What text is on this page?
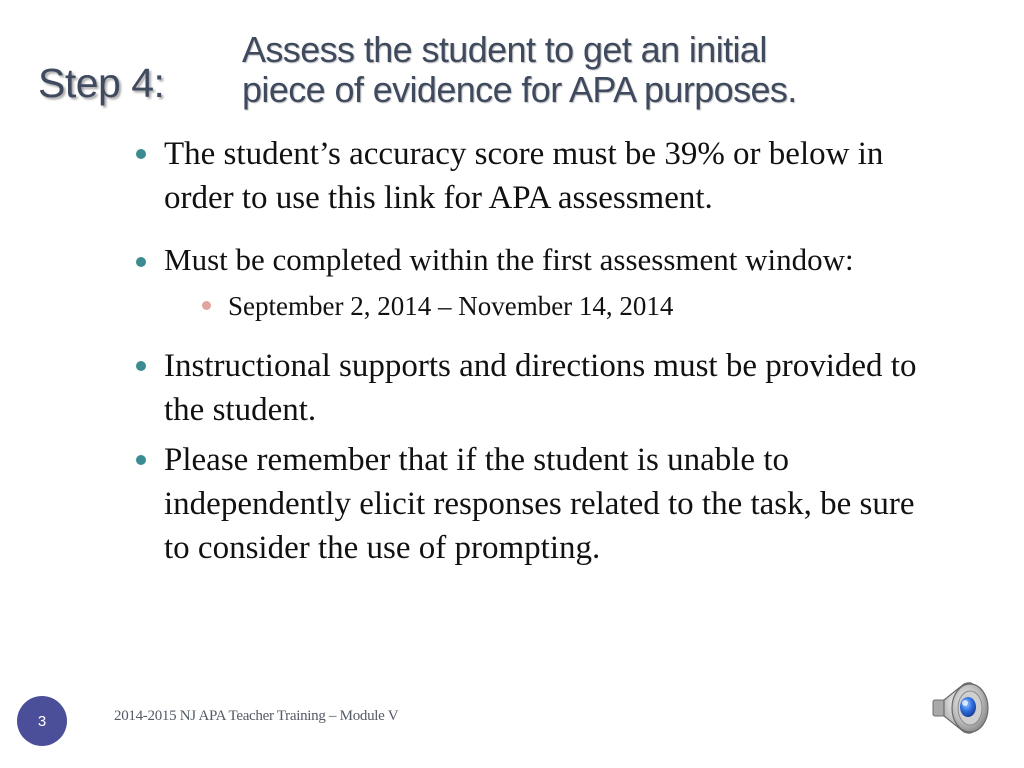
Step 4:
Assess the student to get an initial
piece of evidence for APA purposes.
The student’s accuracy score must be 39% or below in order to use this link for APA assessment.
Must be completed within the first assessment window:
September 2, 2014 – November 14, 2014
Instructional supports and directions must be provided to the student.
Please remember that if the student is unable to independently elicit responses related to the task, be sure to consider the use of prompting.
3	2014-2015 NJ APA Teacher Training – Module V
